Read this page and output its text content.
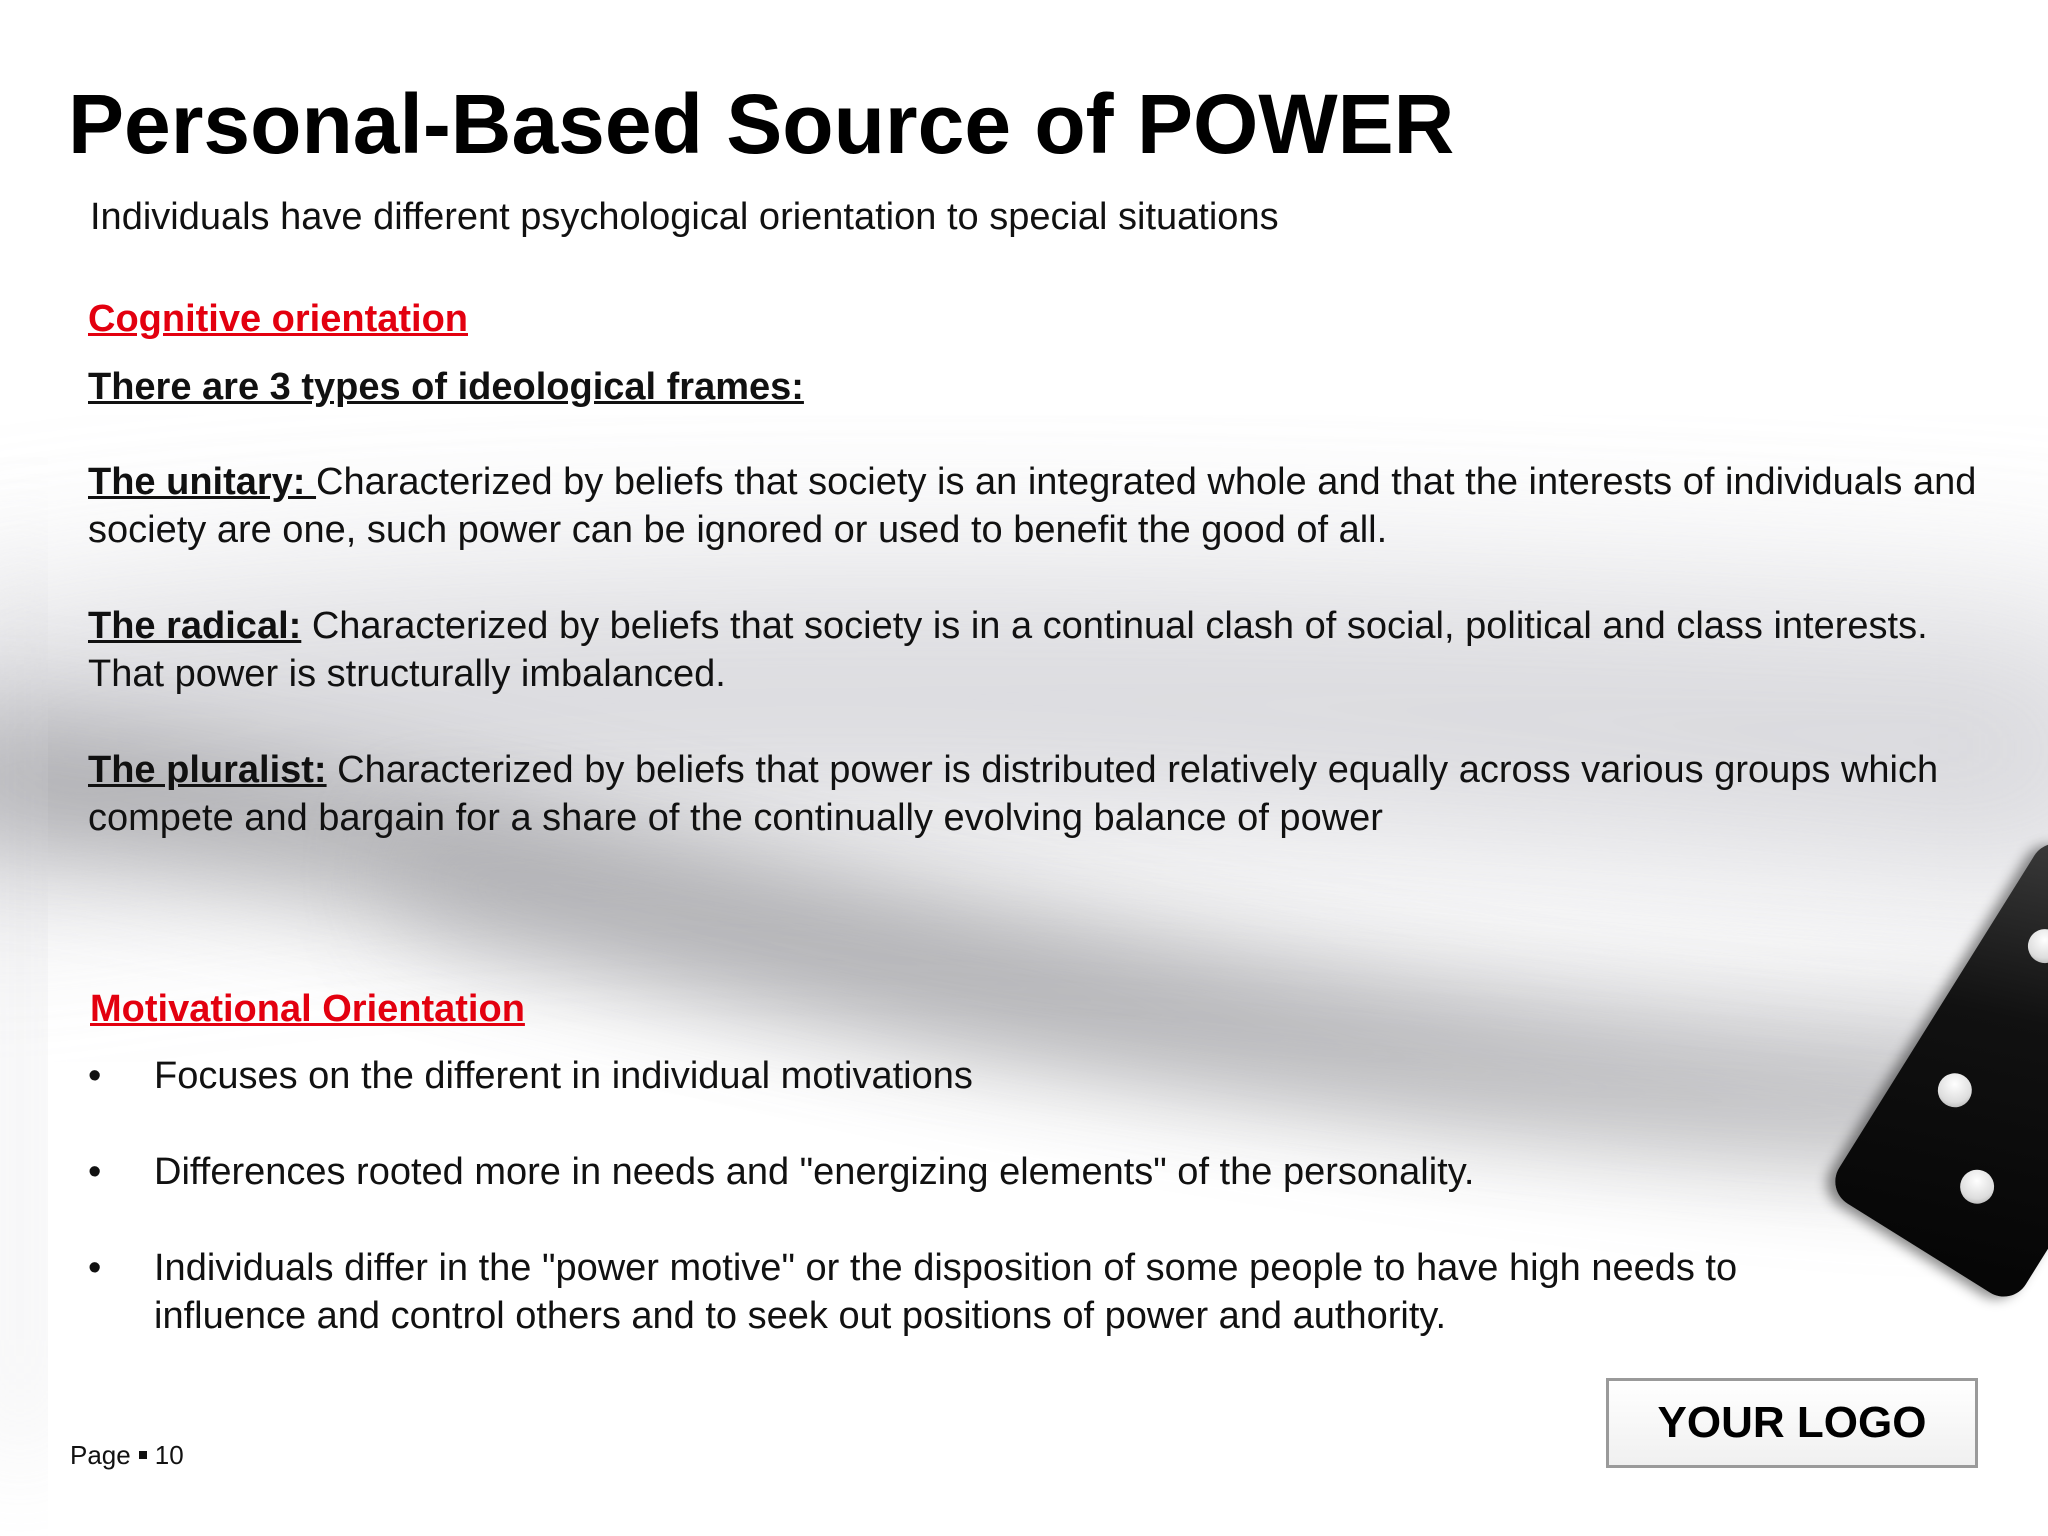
Personal-Based Source of POWER

Individuals have different psychological orientation to special situations

Cognitive orientation

There are 3 types of ideological frames:

The unitary: Characterized by beliefs that society is an integrated whole and that the interests of individuals and society are one, such power can be ignored or used to benefit the good of all.

The radical: Characterized by beliefs that society is in a continual clash of social, political and class interests. That power is structurally imbalanced.

The pluralist: Characterized by beliefs that power is distributed relatively equally across various groups which compete and bargain for a share of the continually evolving balance of power

Motivational Orientation

• Focuses on the different in individual motivations
• Differences rooted more in needs and "energizing elements" of the personality.
• Individuals differ in the "power motive" or the disposition of some people to have high needs to influence and control others and to seek out positions of power and authority.
Page 10
YOUR LOGO
